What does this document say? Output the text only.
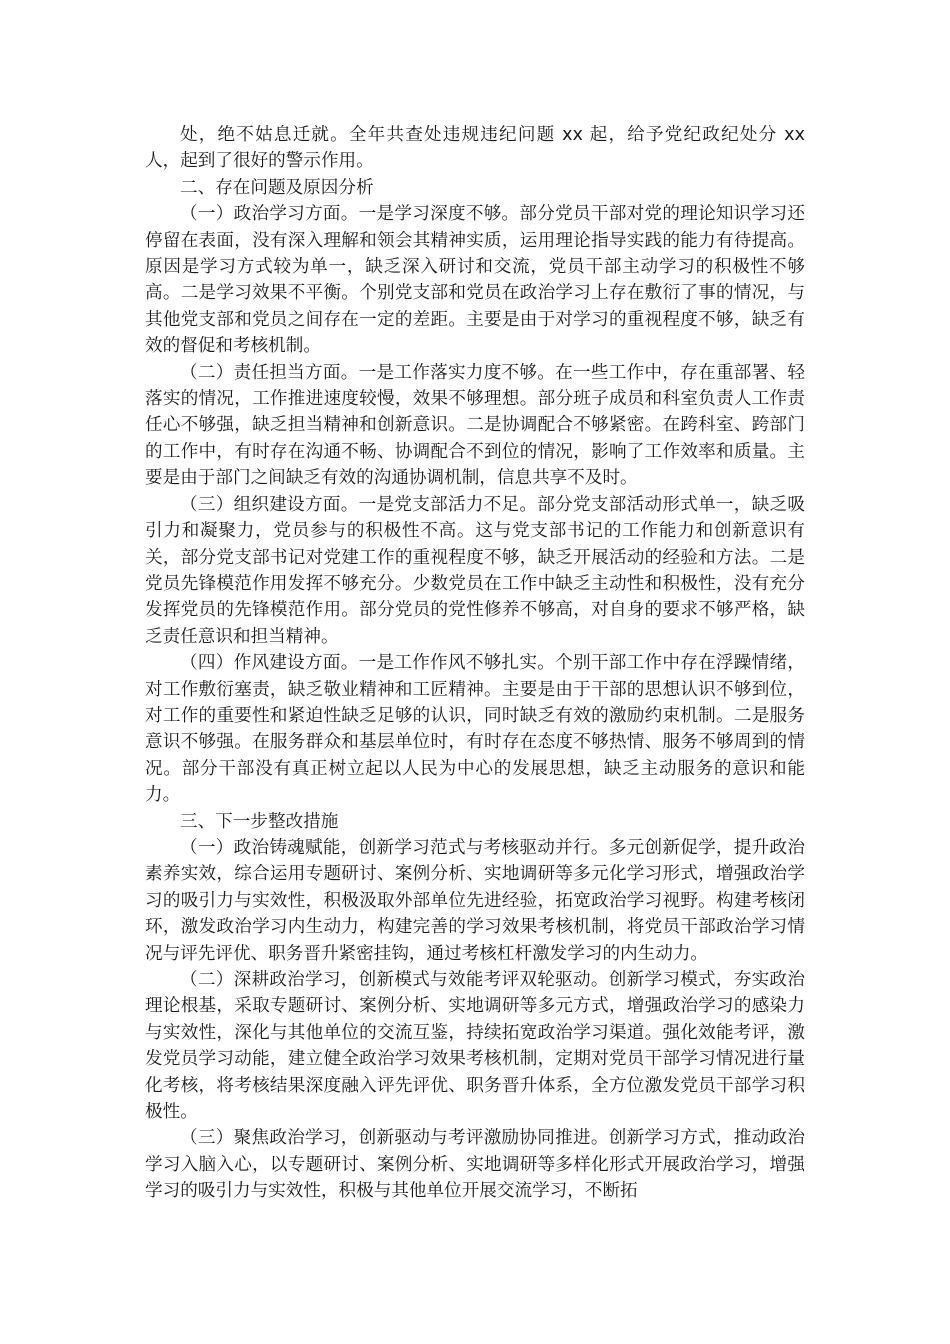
处，绝不姑息迁就。全年共查处违规违纪问题 xx 起，给予党纪政纪处分 xx 人，起到了很好的警示作用。

二、存在问题及原因分析

（一）政治学习方面。一是学习深度不够。部分党员干部对党的理论知识学习还停留在表面，没有深入理解和领会其精神实质，运用理论指导实践的能力有待提高。原因是学习方式较为单一，缺乏深入研讨和交流，党员干部主动学习的积极性不够高。二是学习效果不平衡。个别党支部和党员在政治学习上存在敷衍了事的情况，与其他党支部和党员之间存在一定的差距。主要是由于对学习的重视程度不够，缺乏有效的督促和考核机制。

（二）责任担当方面。一是工作落实力度不够。在一些工作中，存在重部署、轻落实的情况，工作推进速度较慢，效果不够理想。部分班子成员和科室负责人工作责任心不够强，缺乏担当精神和创新意识。二是协调配合不够紧密。在跨科室、跨部门的工作中，有时存在沟通不畅、协调配合不到位的情况，影响了工作效率和质量。主要是由于部门之间缺乏有效的沟通协调机制，信息共享不及时。

（三）组织建设方面。一是党支部活力不足。部分党支部活动形式单一，缺乏吸引力和凝聚力，党员参与的积极性不高。这与党支部书记的工作能力和创新意识有关，部分党支部书记对党建工作的重视程度不够，缺乏开展活动的经验和方法。二是党员先锋模范作用发挥不够充分。少数党员在工作中缺乏主动性和积极性，没有充分发挥党员的先锋模范作用。部分党员的党性修养不够高，对自身的要求不够严格，缺乏责任意识和担当精神。

（四）作风建设方面。一是工作作风不够扎实。个别干部工作中存在浮躁情绪，对工作敷衍塞责，缺乏敬业精神和工匠精神。主要是由于干部的思想认识不够到位，对工作的重要性和紧迫性缺乏足够的认识，同时缺乏有效的激励约束机制。二是服务意识不够强。在服务群众和基层单位时，有时存在态度不够热情、服务不够周到的情况。部分干部没有真正树立起以人民为中心的发展思想，缺乏主动服务的意识和能力。

三、下一步整改措施

（一）政治铸魂赋能，创新学习范式与考核驱动并行。多元创新促学，提升政治素养实效，综合运用专题研讨、案例分析、实地调研等多元化学习形式，增强政治学习的吸引力与实效性，积极汲取外部单位先进经验，拓宽政治学习视野。构建考核闭环，激发政治学习内生动力，构建完善的学习效果考核机制，将党员干部政治学习情况与评先评优、职务晋升紧密挂钩，通过考核杠杆激发学习的内生动力。

（二）深耕政治学习，创新模式与效能考评双轮驱动。创新学习模式，夯实政治理论根基，采取专题研讨、案例分析、实地调研等多元方式，增强政治学习的感染力与实效性，深化与其他单位的交流互鉴，持续拓宽政治学习渠道。强化效能考评，激发党员学习动能，建立健全政治学习效果考核机制，定期对党员干部学习情况进行量化考核，将考核结果深度融入评先评优、职务晋升体系，全方位激发党员干部学习积极性。

（三）聚焦政治学习，创新驱动与考评激励协同推进。创新学习方式，推动政治学习入脑入心，以专题研讨、案例分析、实地调研等多样化形式开展政治学习，增强学习的吸引力与实效性，积极与其他单位开展交流学习，不断拓
